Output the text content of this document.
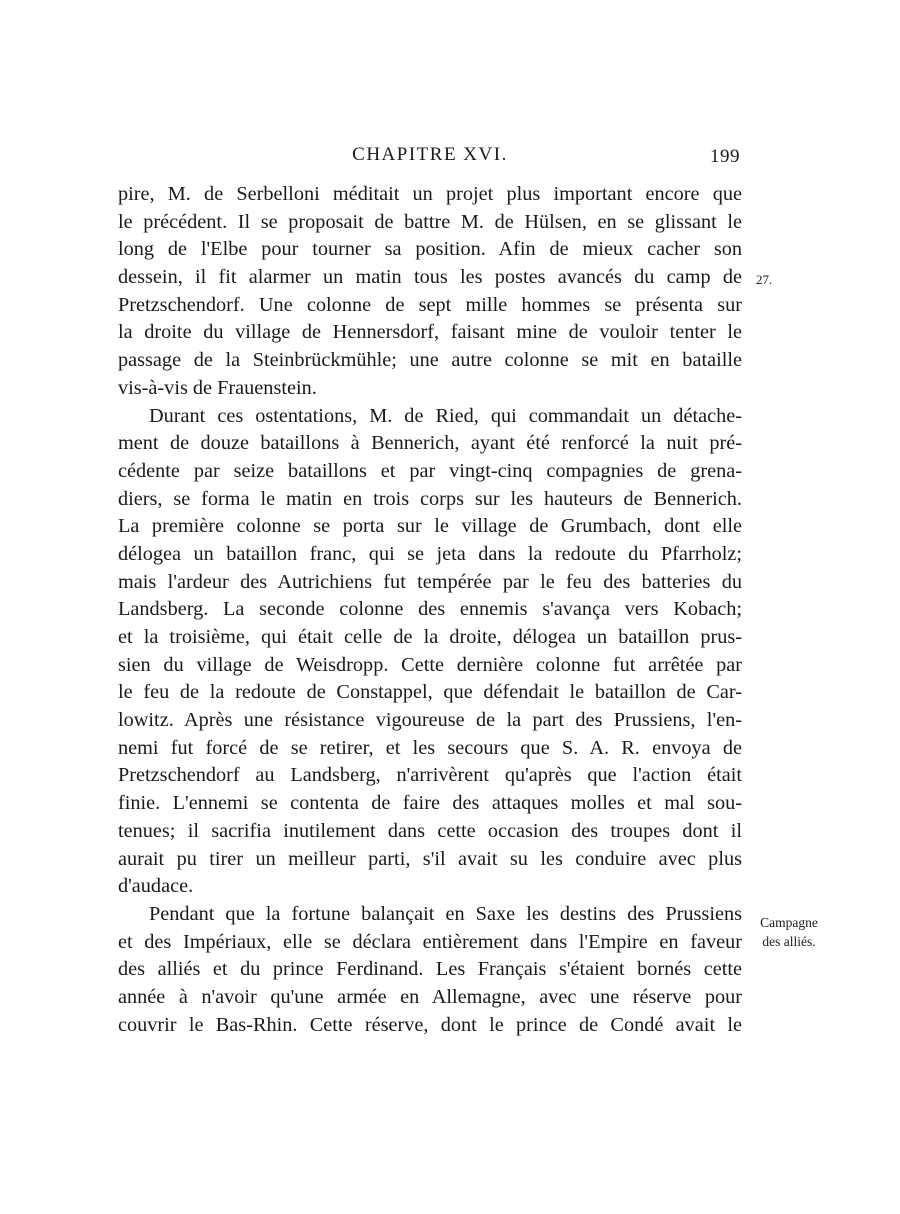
CHAPITRE XVI.	199
27.
Campagne
des alliés.
pire, M. de Serbelloni méditait un projet plus important encore que
le précédent. Il se proposait de battre M. de Hülsen, en se glissant le
long de l'Elbe pour tourner sa position. Afin de mieux cacher son
dessein, il fit alarmer un matin tous les postes avancés du camp de
Pretzschendorf. Une colonne de sept mille hommes se présenta sur
la droite du village de Hennersdorf, faisant mine de vouloir tenter le
passage de la Steinbrückmühle; une autre colonne se mit en bataille
vis-à-vis de Frauenstein.
Durant ces ostentations, M. de Ried, qui commandait un détache-
ment de douze bataillons à Bennerich, ayant été renforcé la nuit pré-
cédente par seize bataillons et par vingt-cinq compagnies de grena-
diers, se forma le matin en trois corps sur les hauteurs de Bennerich.
La première colonne se porta sur le village de Grumbach, dont elle
délogea un bataillon franc, qui se jeta dans la redoute du Pfarrholz;
mais l'ardeur des Autrichiens fut tempérée par le feu des batteries du
Landsberg. La seconde colonne des ennemis s'avança vers Kobach;
et la troisième, qui était celle de la droite, délogea un bataillon prus-
sien du village de Weisdropp. Cette dernière colonne fut arrêtée par
le feu de la redoute de Constappel, que défendait le bataillon de Car-
lowitz. Après une résistance vigoureuse de la part des Prussiens, l'en-
nemi fut forcé de se retirer, et les secours que S. A. R. envoya de
Pretzschendorf au Landsberg, n'arrivèrent qu'après que l'action était
finie. L'ennemi se contenta de faire des attaques molles et mal sou-
tenues; il sacrifia inutilement dans cette occasion des troupes dont il
aurait pu tirer un meilleur parti, s'il avait su les conduire avec plus
d'audace.
Pendant que la fortune balançait en Saxe les destins des Prussiens
et des Impériaux, elle se déclara entièrement dans l'Empire en faveur
des alliés et du prince Ferdinand. Les Français s'étaient bornés cette
année à n'avoir qu'une armée en Allemagne, avec une réserve pour
couvrir le Bas-Rhin. Cette réserve, dont le prince de Condé avait le
